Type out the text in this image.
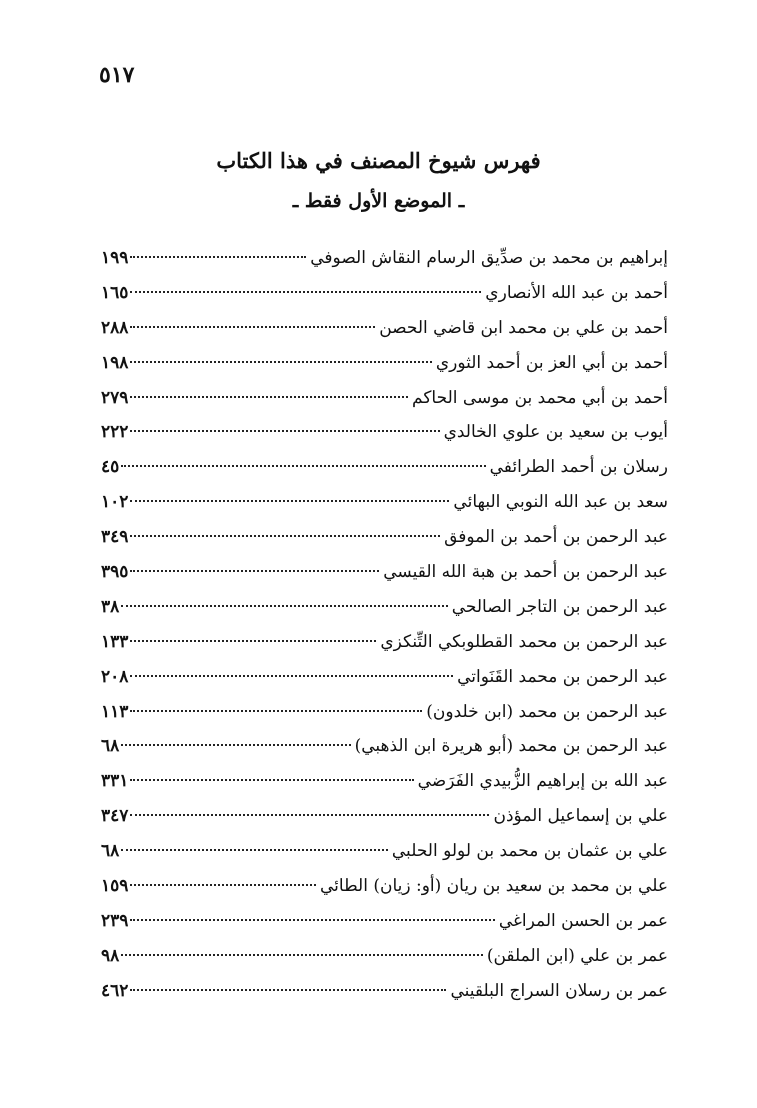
٥١٧
فهرس شيوخ المصنف في هذا الكتاب
ـ الموضع الأول فقط ـ
إبراهيم بن محمد بن صدِّيق الرسام النقاش الصوفي
١٩٩
أحمد بن عبد الله الأنصاري
١٦٥
أحمد بن علي بن محمد ابن قاضي الحصن
٢٨٨
أحمد بن أبي العز بن أحمد الثوري
١٩٨
أحمد بن أبي محمد بن موسى الحاكم
٢٧٩
أيوب بن سعيد بن علوي الخالدي
٢٢٢
رسلان بن أحمد الطرائفي
٤٥
سعد بن عبد الله النوبي البهائي
١٠٢
عبد الرحمن بن أحمد بن الموفق
٣٤٩
عبد الرحمن بن أحمد بن هبة الله القيسي
٣٩٥
عبد الرحمن بن التاجر الصالحي
٣٨
عبد الرحمن بن محمد القطلوبكي التِّنكزي
١٣٣
عبد الرحمن بن محمد القَنَواتي
٢٠٨
عبد الرحمن بن محمد (ابن خلدون)
١١٣
عبد الرحمن بن محمد (أبو هريرة ابن الذهبي)
٦٨
عبد الله بن إبراهيم الزُّبيدي الفَرَضي
٣٣١
علي بن إسماعيل المؤذن
٣٤٧
علي بن عثمان بن محمد بن لولو الحلبي
٦٨
علي بن محمد بن سعيد بن ريان (أو: زيان) الطائي
١٥٩
عمر بن الحسن المراغي
٢٣٩
عمر بن علي (ابن الملقن)
٩٨
عمر بن رسلان السراج البلقيني
٤٦٢
